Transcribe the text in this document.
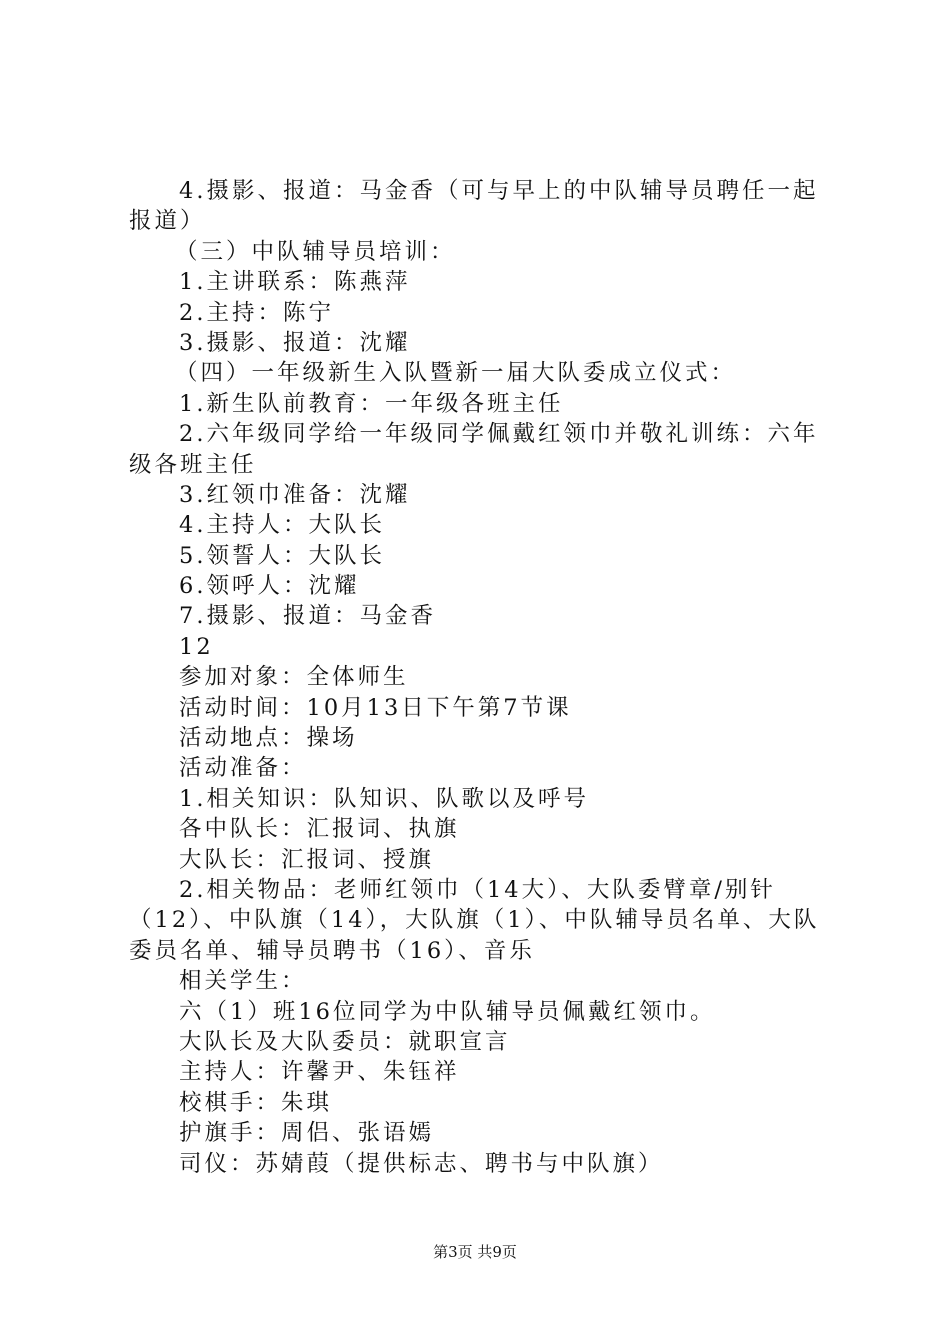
4.摄影、报道：马金香（可与早上的中队辅导员聘任一起
报道）
（三）中队辅导员培训：
1.主讲联系：陈燕萍
2.主持：陈宁
3.摄影、报道：沈耀
（四）一年级新生入队暨新一届大队委成立仪式：
1.新生队前教育：一年级各班主任
2.六年级同学给一年级同学佩戴红领巾并敬礼训练：六年
级各班主任
3.红领巾准备：沈耀
4.主持人：大队长
5.领誓人：大队长
6.领呼人：沈耀
7.摄影、报道：马金香
12
参加对象：全体师生
活动时间：10月13日下午第7节课
活动地点：操场
活动准备：
1.相关知识：队知识、队歌以及呼号
各中队长：汇报词、执旗
大队长：汇报词、授旗
2.相关物品：老师红领巾（14大）、大队委臂章/别针
（12）、中队旗（14），大队旗（1）、中队辅导员名单、大队
委员名单、辅导员聘书（16）、音乐
相关学生：
六（1）班16位同学为中队辅导员佩戴红领巾。
大队长及大队委员：就职宣言
主持人：许馨尹、朱钰祥
校棋手：朱琪
护旗手：周侣、张语嫣
司仪：苏婧葭（提供标志、聘书与中队旗）
第3页 共9页
